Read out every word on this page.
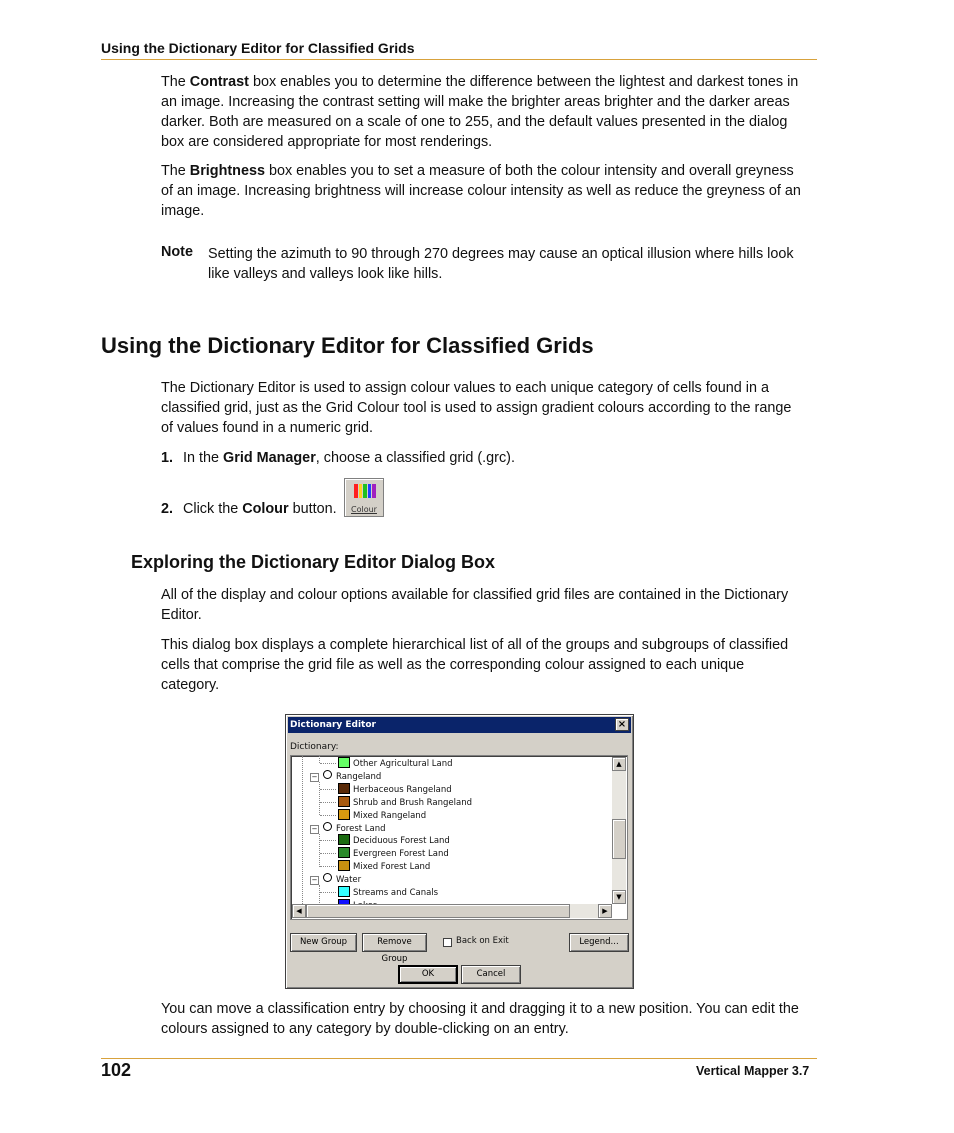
Using the Dictionary Editor for Classified Grids
The Contrast box enables you to determine the difference between the lightest and darkest tones in
an image. Increasing the contrast setting will make the brighter areas brighter and the darker areas
darker. Both are measured on a scale of one to 255, and the default values presented in the dialog
box are considered appropriate for most renderings.
The Brightness box enables you to set a measure of both the colour intensity and overall greyness
of an image. Increasing brightness will increase colour intensity as well as reduce the greyness of an
image.
Note Setting the azimuth to 90 through 270 degrees may cause an optical illusion where hills look
like valleys and valleys look like hills.
Using the Dictionary Editor for Classified Grids
The Dictionary Editor is used to assign colour values to each unique category of cells found in a
classified grid, just as the Grid Colour tool is used to assign gradient colours according to the range
of values found in a numeric grid.
1. In the Grid Manager, choose a classified grid (.grc).
2. Click the Colour button.	Colour
Exploring the Dictionary Editor Dialog Box
All of the display and colour options available for classified grid files are contained in the Dictionary
Editor.
This dialog box displays a complete hierarchical list of all of the groups and subgroups of classified
cells that comprise the grid file as well as the corresponding colour assigned to each unique
category.
Dictionary Editor	×
Dictionary:
Other Agricultural Land
− Rangeland
Herbaceous Rangeland
Shrub and Brush Rangeland
Mixed Rangeland
− Forest Land
Deciduous Forest Land
Evergreen Forest Land
Mixed Forest Land
− Water
Streams and Canals
▲
▼
◀	▶
New Group	Remove Group
Back on Exit	Legend...
OK	Cancel
You can move a classification entry by choosing it and dragging it to a new position. You can edit the
colours assigned to any category by double-clicking on an entry.
102	Vertical Mapper 3.7
